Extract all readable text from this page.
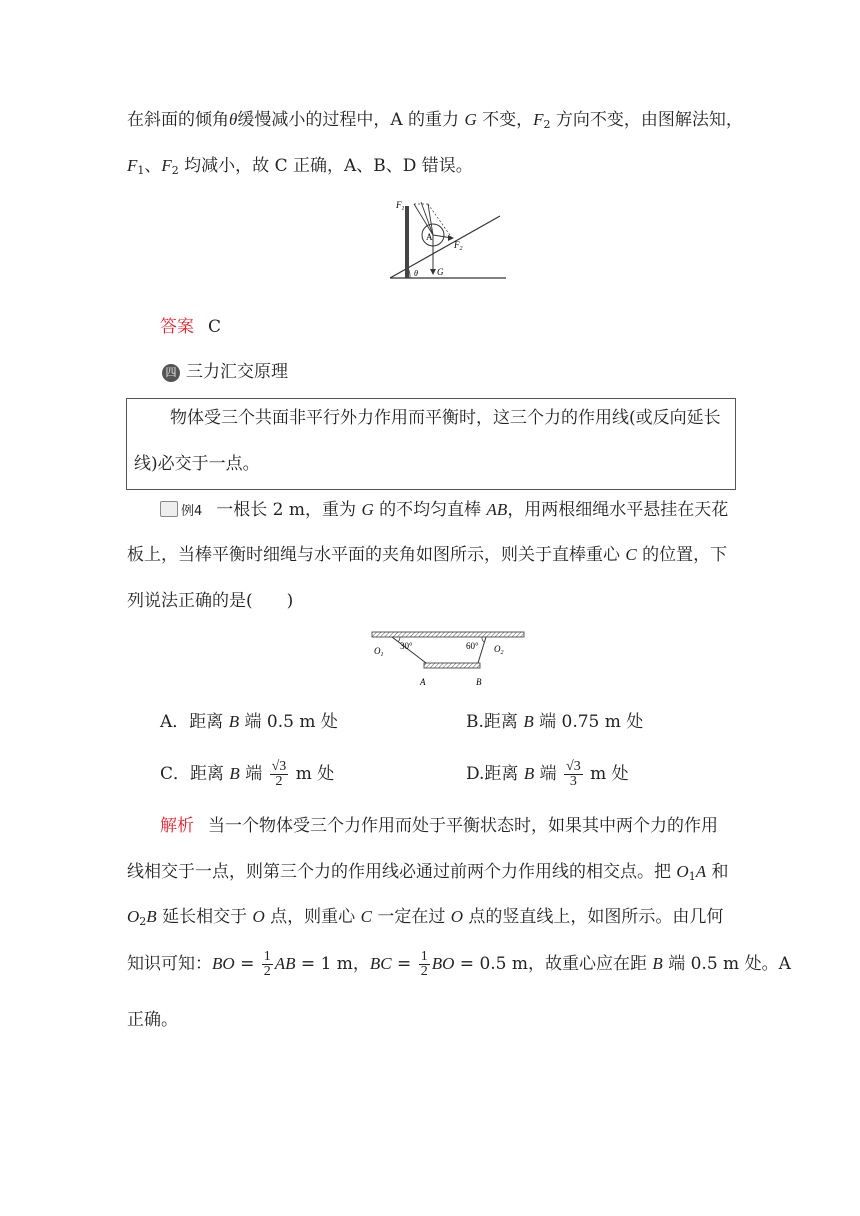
在斜面的倾角θ缓慢减小的过程中，A 的重力 G 不变，$F_2$ 方向不变，由图解法知，
$F_1$、$F_2$ 均减小，故 C 正确，A、B、D 错误。
$F_1$
A
$F_2$
θ G
答案 C
四 三力汇交原理
物体受三个共面非平行外力作用而平衡时，这三个力的作用线(或反向延长
线)必交于一点。
例4 一根长 2 m，重为 G 的不均匀直棒 AB，用两根细绳水平悬挂在天花
板上，当棒平衡时细绳与水平面的夹角如图所示，则关于直棒重心 C 的位置，下
列说法正确的是(　　)
$O_1$
30°	60° $O_2$
A	B
A．距离 B 端 0.5 m 处	B.距离 B 端 0.75 m 处
C．距离 B 端 $\frac{√3}{2}$ m 处	D.距离 B 端 $\frac{√3}{3}$ m 处
解析 当一个物体受三个力作用而处于平衡状态时，如果其中两个力的作用
线相交于一点，则第三个力的作用线必通过前两个力作用线的相交点。把 $O_1A$ 和
$O_2B$ 延长相交于 O 点，则重心 C 一定在过 O 点的竖直线上，如图所示。由几何
知识可知：BO = $\frac{1}{2}$ AB = 1 m，BC = $\frac{1}{2}$ BO = 0.5 m，故重心应在距 B 端 0.5 m 处。A
正确。
